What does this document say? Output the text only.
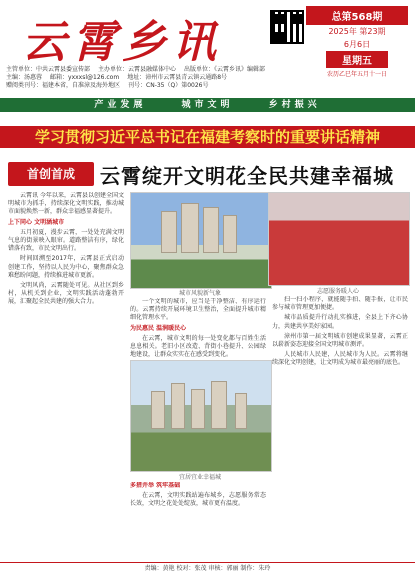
云霄乡讯	总第568期
2025年 第23期
6月6日
星期五
农历乙巳年五月十一日
主管单位：中共云霄县委宣传部 主办单位：云霄县融媒体中心 出版单位：《云霄乡讯》编辑部
主编：汤惠蓉 邮箱：yxxxsl@126.com 地址：漳州市云霄县青云镇云通路8号
赠阅类刊号：福建本省，自准漳及海外地区 刊号：CN-35（Q）第0026号
产业发展	城市文明	乡村振兴
学习贯彻习近平总书记在福建考察时的重要讲话精神
首创首成	云霄绽开文明花全民共建幸福城
城市风貌新气象	志愿服务暖人心
宜居宜业幸福城

云霄讯 今年以来，云霄县以创建全国文明城市为抓手，持续深化文明实践，推动城市面貌焕然一新，群众幸福感显著提升。

上下同心 文明涵城市

五月初夏，漫步云霄，一处处充满文明气息的街景映入眼帘。道路整洁有序，绿化错落有致，市民文明出行。

时间回溯至2017年，云霄县正式启动创建工作，坚持以人民为中心，聚焦群众急难愁盼问题，持续推进城市更新。

文明风尚，云霄随处可见。从社区到乡村，从机关到企业，文明实践活动蓬勃开展，汇聚起全民共建的强大合力。	一个文明的城市，应当是干净整洁、有序运行的。云霄持续开展环境卫生整治，全面提升城市精细化管理水平。

为民惠民 温润暖民心

在云霄，城市文明的每一处变化都与百姓生活息息相关。老旧小区改造、背街小巷提升、公园绿地建设，让群众实实在在感受到变化。

多措并举 筑牢基础

在云霄，文明实践站遍布城乡，志愿服务常态长效，文明之花处处绽放，城市更有温度。

扫一扫小程序，就能随手拍、随手报，让市民参与城市管理更加便捷。

城市品质提升行动扎实推进，全县上下齐心协力，共建共享美好家园。

漳州市第一届文明城市创建成果显著，云霄正以崭新姿态迎接全国文明城市测评。

人民城市人民建，人民城市为人民。云霄将继续深化文明创建，让文明成为城市最亮丽的底色。

责编：黄艳 校对：张茂 审核：郭丽 制作：朱玲
